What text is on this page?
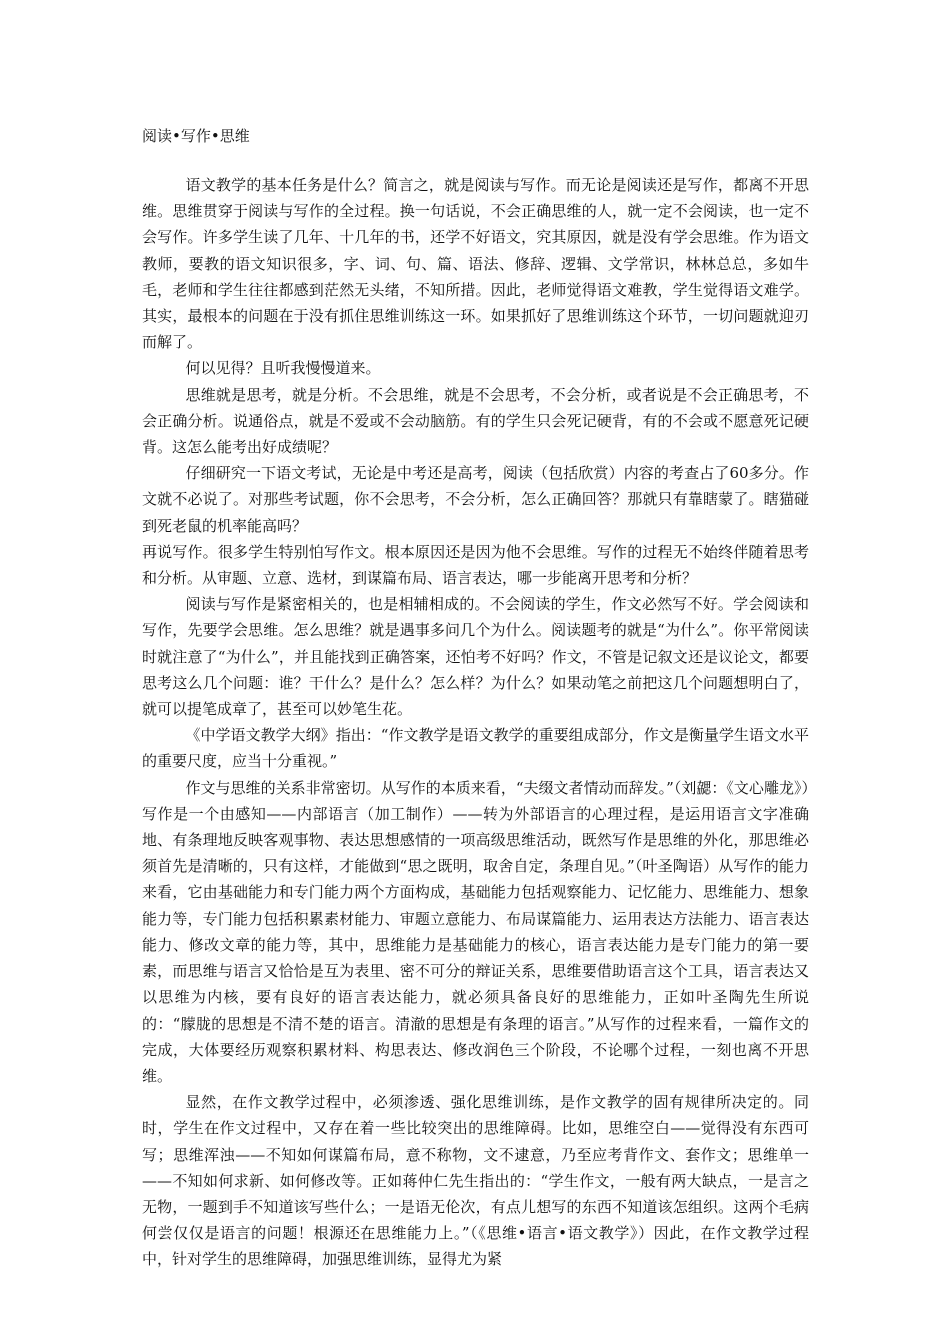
阅读•写作•思维

语文教学的基本任务是什么？简言之，就是阅读与写作。而无论是阅读还是写作，都离不开思维。思维贯穿于阅读与写作的全过程。换一句话说，不会正确思维的人，就一定不会阅读，也一定不会写作。许多学生读了几年、十几年的书，还学不好语文，究其原因，就是没有学会思维。作为语文教师，要教的语文知识很多，字、词、句、篇、语法、修辞、逻辑、文学常识，林林总总，多如牛毛，老师和学生往往都感到茫然无头绪，不知所措。因此，老师觉得语文难教，学生觉得语文难学。其实，最根本的问题在于没有抓住思维训练这一环。如果抓好了思维训练这个环节，一切问题就迎刃而解了。

何以见得？且听我慢慢道来。

思维就是思考，就是分析。不会思维，就是不会思考，不会分析，或者说是不会正确思考，不会正确分析。说通俗点，就是不爱或不会动脑筋。有的学生只会死记硬背，有的不会或不愿意死记硬背。这怎么能考出好成绩呢？

仔细研究一下语文考试，无论是中考还是高考，阅读（包括欣赏）内容的考查占了60多分。作文就不必说了。对那些考试题，你不会思考，不会分析，怎么正确回答？那就只有靠瞎蒙了。瞎猫碰到死老鼠的机率能高吗？

再说写作。很多学生特别怕写作文。根本原因还是因为他不会思维。写作的过程无不始终伴随着思考和分析。从审题、立意、选材，到谋篇布局、语言表达，哪一步能离开思考和分析？

阅读与写作是紧密相关的，也是相辅相成的。不会阅读的学生，作文必然写不好。学会阅读和写作，先要学会思维。怎么思维？就是遇事多问几个为什么。阅读题考的就是“为什么”。你平常阅读时就注意了“为什么”，并且能找到正确答案，还怕考不好吗？作文，不管是记叙文还是议论文，都要思考这么几个问题：谁？干什么？是什么？怎么样？为什么？如果动笔之前把这几个问题想明白了，就可以提笔成章了，甚至可以妙笔生花。

《中学语文教学大纲》指出：“作文教学是语文教学的重要组成部分，作文是衡量学生语文水平的重要尺度，应当十分重视。”

作文与思维的关系非常密切。从写作的本质来看，“夫缀文者情动而辞发。”（刘勰：《文心雕龙》）写作是一个由感知——内部语言（加工制作）——转为外部语言的心理过程，是运用语言文字准确地、有条理地反映客观事物、表达思想感情的一项高级思维活动，既然写作是思维的外化，那思维必须首先是清晰的，只有这样，才能做到“思之既明，取舍自定，条理自见。”（叶圣陶语）从写作的能力来看，它由基础能力和专门能力两个方面构成，基础能力包括观察能力、记忆能力、思维能力、想象能力等，专门能力包括积累素材能力、审题立意能力、布局谋篇能力、运用表达方法能力、语言表达能力、修改文章的能力等，其中，思维能力是基础能力的核心，语言表达能力是专门能力的第一要素，而思维与语言又恰恰是互为表里、密不可分的辩证关系，思维要借助语言这个工具，语言表达又以思维为内核，要有良好的语言表达能力，就必须具备良好的思维能力，正如叶圣陶先生所说的：“朦胧的思想是不清不楚的语言。清澈的思想是有条理的语言。”从写作的过程来看，一篇作文的完成，大体要经历观察积累材料、构思表达、修改润色三个阶段，不论哪个过程，一刻也离不开思维。

显然，在作文教学过程中，必须渗透、强化思维训练，是作文教学的固有规律所决定的。同时，学生在作文过程中，又存在着一些比较突出的思维障碍。比如，思维空白——觉得没有东西可写；思维浑浊——不知如何谋篇布局，意不称物，文不逮意，乃至应考背作文、套作文；思维单一——不知如何求新、如何修改等。正如蒋仲仁先生指出的：“学生作文，一般有两大缺点，一是言之无物，一题到手不知道该写些什么；一是语无伦次，有点儿想写的东西不知道该怎组织。这两个毛病何尝仅仅是语言的问题！根源还在思维能力上。”（《思维•语言•语文教学》）因此，在作文教学过程中，针对学生的思维障碍，加强思维训练，显得尤为紧
